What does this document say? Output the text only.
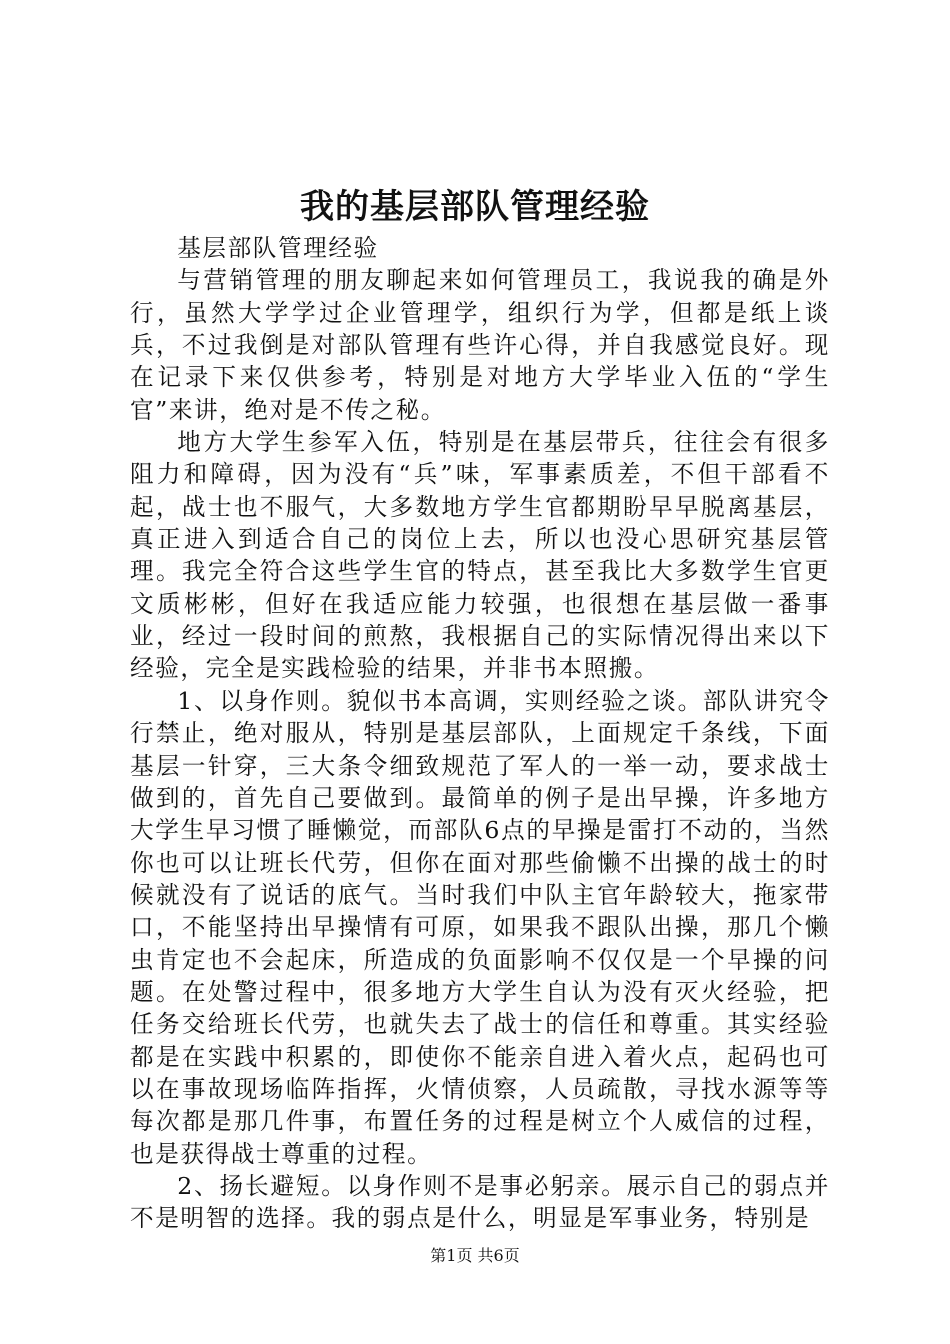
我的基层部队管理经验

基层部队管理经验

与营销管理的朋友聊起来如何管理员工，我说我的确是外行，虽然大学学过企业管理学，组织行为学，但都是纸上谈兵，不过我倒是对部队管理有些许心得，并自我感觉良好。现在记录下来仅供参考，特别是对地方大学毕业入伍的“学生官”来讲，绝对是不传之秘。

地方大学生参军入伍，特别是在基层带兵，往往会有很多阻力和障碍，因为没有“兵”味，军事素质差，不但干部看不起，战士也不服气，大多数地方学生官都期盼早早脱离基层，真正进入到适合自己的岗位上去，所以也没心思研究基层管理。我完全符合这些学生官的特点，甚至我比大多数学生官更文质彬彬，但好在我适应能力较强，也很想在基层做一番事业，经过一段时间的煎熬，我根据自己的实际情况得出来以下经验，完全是实践检验的结果，并非书本照搬。

1、以身作则。貌似书本高调，实则经验之谈。部队讲究令行禁止，绝对服从，特别是基层部队，上面规定千条线，下面基层一针穿，三大条令细致规范了军人的一举一动，要求战士做到的，首先自己要做到。最简单的例子是出早操，许多地方大学生早习惯了睡懒觉，而部队6点的早操是雷打不动的，当然你也可以让班长代劳，但你在面对那些偷懒不出操的战士的时候就没有了说话的底气。当时我们中队主官年龄较大，拖家带口，不能坚持出早操情有可原，如果我不跟队出操，那几个懒虫肯定也不会起床，所造成的负面影响不仅仅是一个早操的问题。在处警过程中，很多地方大学生自认为没有灭火经验，把任务交给班长代劳，也就失去了战士的信任和尊重。其实经验都是在实践中积累的，即使你不能亲自进入着火点，起码也可以在事故现场临阵指挥，火情侦察，人员疏散，寻找水源等等每次都是那几件事，布置任务的过程是树立个人威信的过程，也是获得战士尊重的过程。

2、扬长避短。以身作则不是事必躬亲。展示自己的弱点并不是明智的选择。我的弱点是什么，明显是军事业务，特别是

第1页 共6页
